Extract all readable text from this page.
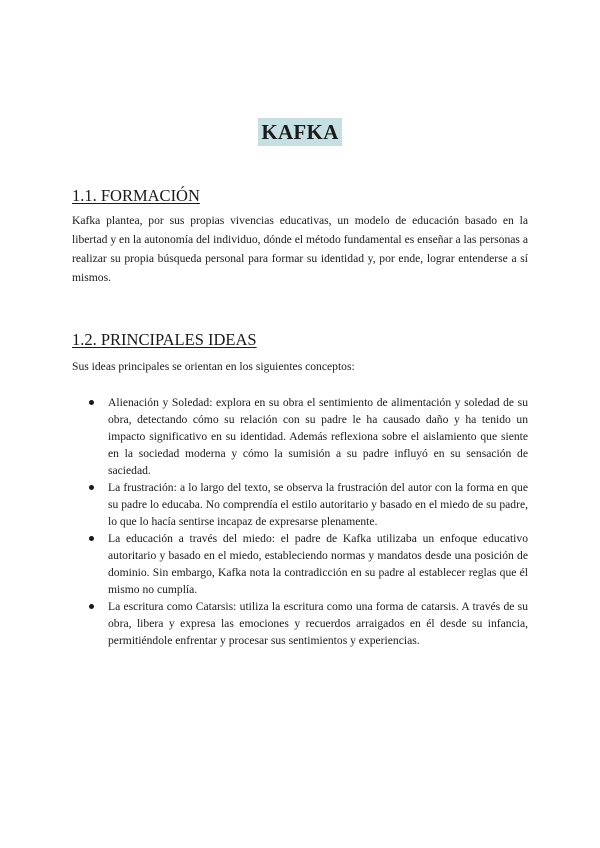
KAFKA
1.1. FORMACIÓN

Kafka plantea, por sus propias vivencias educativas, un modelo de educación basado en la libertad y en la autonomía del individuo, dónde el método fundamental es enseñar a las personas a realizar su propia búsqueda personal para formar su identidad y, por ende, lograr entenderse a sí mismos.

1.2. PRINCIPALES IDEAS

Sus ideas principales se orientan en los siguientes conceptos:

Alienación y Soledad: explora en su obra el sentimiento de alimentación y soledad de su obra, detectando cómo su relación con su padre le ha causado daño y ha tenido un impacto significativo en su identidad. Además reflexiona sobre el aislamiento que siente en la sociedad moderna y cómo la sumisión a su padre influyó en su sensación de saciedad.
La frustración: a lo largo del texto, se observa la frustración del autor con la forma en que su padre lo educaba. No comprendía el estilo autoritario y basado en el miedo de su padre, lo que lo hacía sentirse incapaz de expresarse plenamente.
La educación a través del miedo: el padre de Kafka utilizaba un enfoque educativo autoritario y basado en el miedo, estableciendo normas y mandatos desde una posición de dominio. Sin embargo, Kafka nota la contradicción en su padre al establecer reglas que él mismo no cumplía.
La escritura como Catarsis: utiliza la escritura como una forma de catarsis. A través de su obra, libera y expresa las emociones y recuerdos arraigados en él desde su infancia, permitiéndole enfrentar y procesar sus sentimientos y experiencias.
